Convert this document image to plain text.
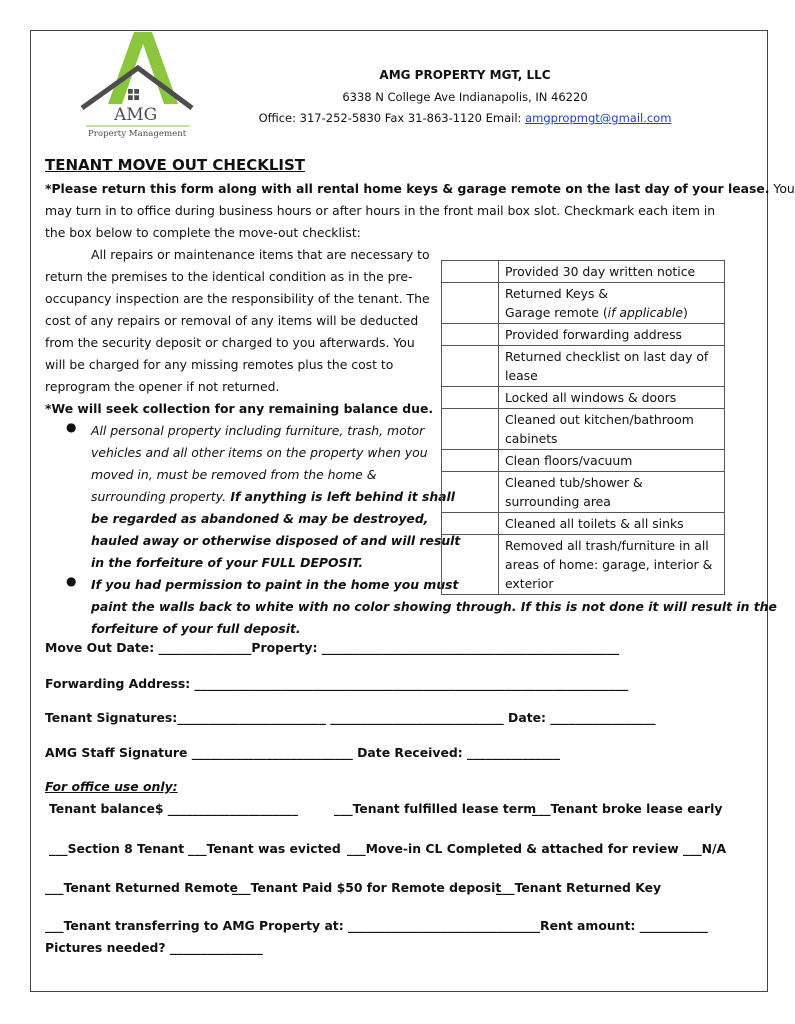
AMG
Property Management
AMG PROPERTY MGT, LLC
6338 N College Ave Indianapolis, IN 46220
Office: 317-252-5830 Fax 31-863-1120 Email: amgpropmgt@gmail.com
TENANT MOVE OUT CHECKLIST
*Please return this form along with all rental home keys & garage remote on the last day of your lease. You
may turn in to office during business hours or after hours in the front mail box slot. Checkmark each item in
the box below to complete the move-out checklist:
All repairs or maintenance items that are necessary to
return the premises to the identical condition as in the pre-
occupancy inspection are the responsibility of the tenant. The
cost of any repairs or removal of any items will be deducted
from the security deposit or charged to you afterwards. You
will be charged for any missing remotes plus the cost to
reprogram the opener if not returned.
*We will seek collection for any remaining balance due.
● All personal property including furniture, trash, motor
vehicles and all other items on the property when you
moved in, must be removed from the home &
surrounding property. If anything is left behind it shall
be regarded as abandoned & may be destroyed,
hauled away or otherwise disposed of and will result
in the forfeiture of your FULL DEPOSIT.
● If you had permission to paint in the home you must
paint the walls back to white with no color showing through. If this is not done it will result in the
forfeiture of your full deposit.
	Provided 30 day written notice
	Returned Keys &
Garage remote (if applicable)
	Provided forwarding address
	Returned checklist on last day of
lease
	Locked all windows & doors
	Cleaned out kitchen/bathroom
cabinets
	Clean floors/vacuum
	Cleaned tub/shower &
surrounding area
	Cleaned all toilets & all sinks
	Removed all trash/furniture in all
areas of home: garage, interior &
exterior
Move Out Date: _______________Property: ________________________________________________
Forwarding Address: ______________________________________________________________________
Tenant Signatures:________________________ ____________________________ Date: _________________
AMG Staff Signature __________________________ Date Received: _______________
For office use only:
Tenant balance$ _____________________	___Tenant fulfilled lease term
___Tenant broke lease early
___Section 8 Tenant ___Tenant was evicted ___Move-in CL Completed & attached for review ___N/A
___Tenant Returned Remote
___Tenant Paid $50 for Remote deposit
___Tenant Returned Key
___Tenant transferring to AMG Property at: _______________________________Rent amount: ___________
Pictures needed? _______________
